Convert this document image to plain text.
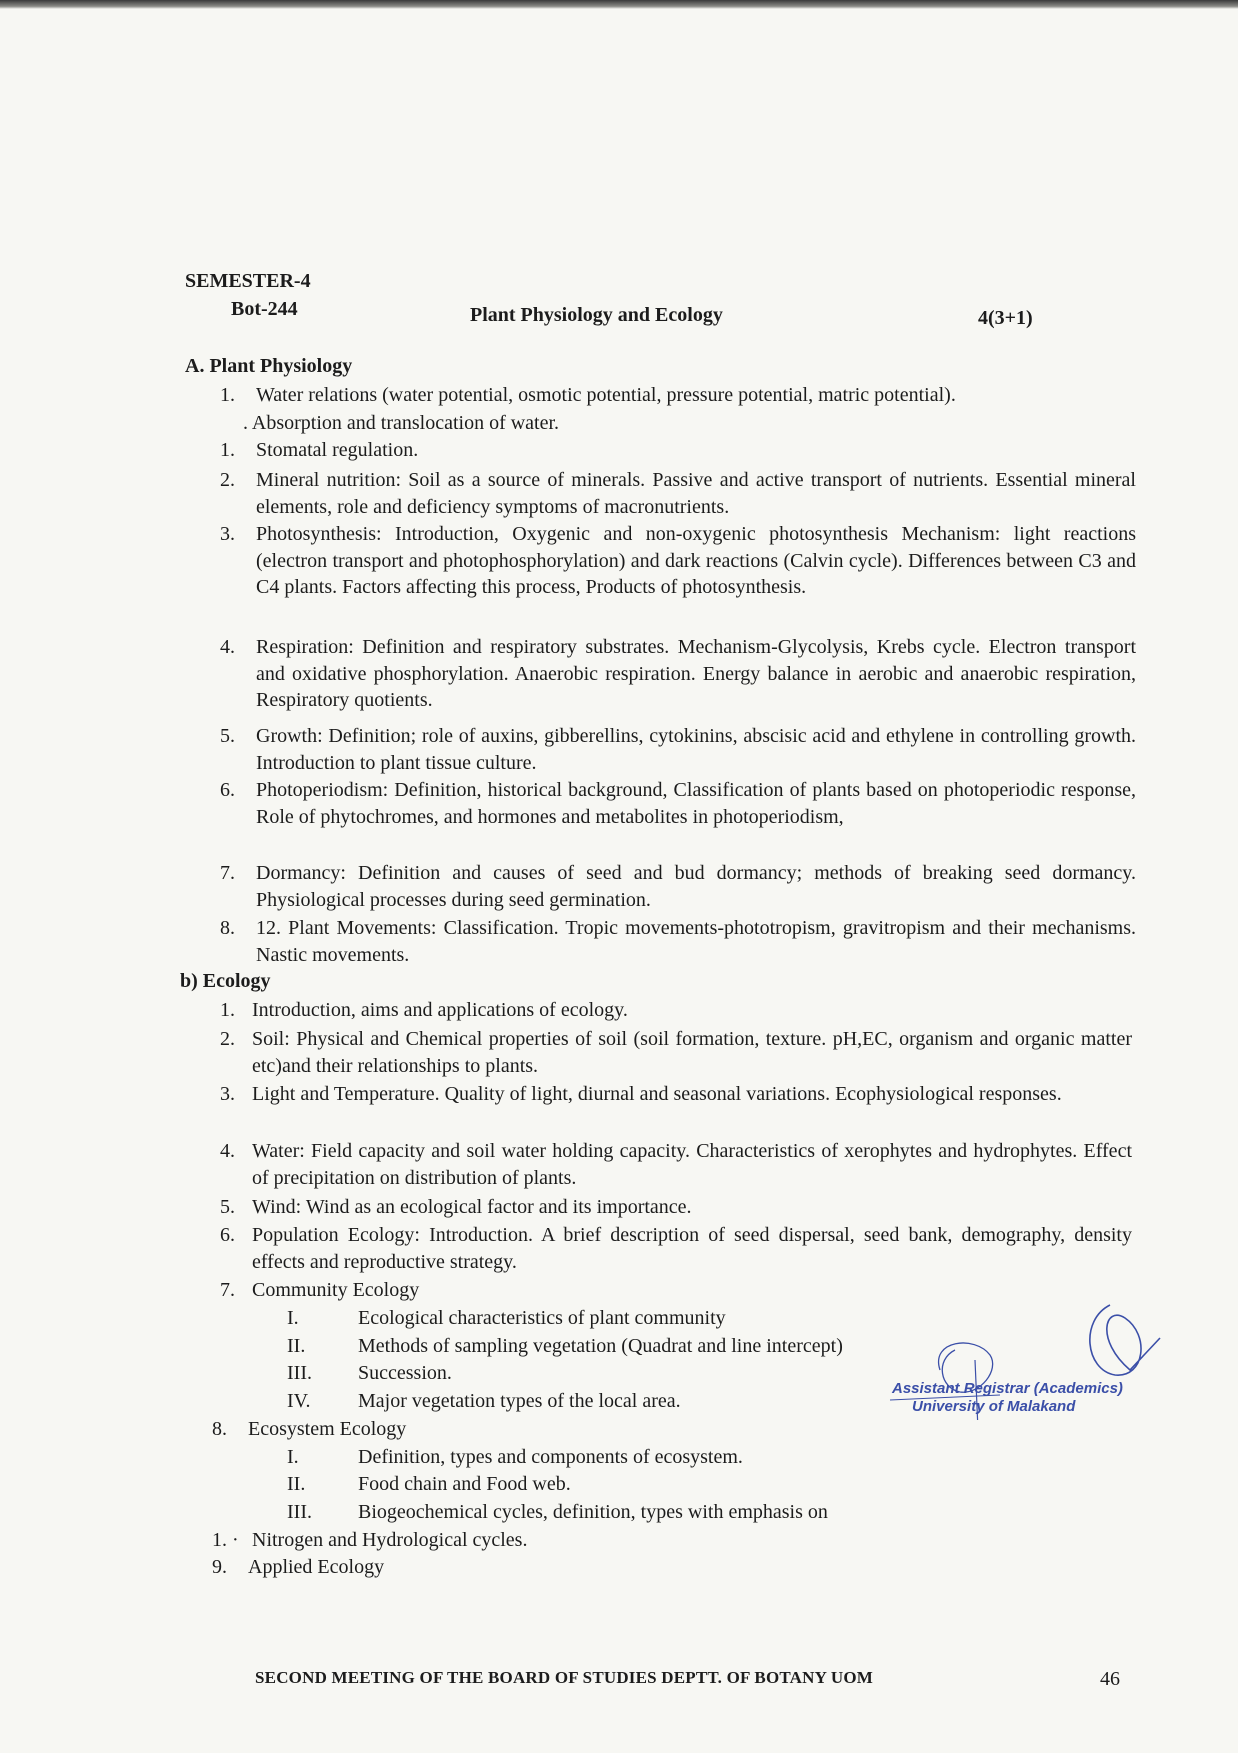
SEMESTER-4
Bot-244	Plant Physiology and Ecology	4(3+1)
A. Plant Physiology
1. Water relations (water potential, osmotic potential, pressure potential, matric potential).
. Absorption and translocation of water.
1. Stomatal regulation.
2. Mineral nutrition: Soil as a source of minerals. Passive and active transport of nutrients. Essential mineral elements, role and deficiency symptoms of macronutrients.
3. Photosynthesis: Introduction, Oxygenic and non-oxygenic photosynthesis Mechanism: light reactions (electron transport and photophosphorylation) and dark reactions (Calvin cycle). Differences between C3 and C4 plants. Factors affecting this process, Products of photosynthesis.
4. Respiration: Definition and respiratory substrates. Mechanism-Glycolysis, Krebs cycle. Electron transport and oxidative phosphorylation. Anaerobic respiration. Energy balance in aerobic and anaerobic respiration, Respiratory quotients.
5. Growth: Definition; role of auxins, gibberellins, cytokinins, abscisic acid and ethylene in controlling growth. Introduction to plant tissue culture.
6. Photoperiodism: Definition, historical background, Classification of plants based on photoperiodic response, Role of phytochromes, and hormones and metabolites in photoperiodism,
7. Dormancy: Definition and causes of seed and bud dormancy; methods of breaking seed dormancy. Physiological processes during seed germination.
8. 12. Plant Movements: Classification. Tropic movements-phototropism, gravitropism and their mechanisms. Nastic movements.
b) Ecology
1. Introduction, aims and applications of ecology.
2. Soil: Physical and Chemical properties of soil (soil formation, texture. pH,EC, organism and organic matter etc)and their relationships to plants.
3. Light and Temperature. Quality of light, diurnal and seasonal variations. Ecophysiological responses.
4. Water: Field capacity and soil water holding capacity. Characteristics of xerophytes and hydrophytes. Effect of precipitation on distribution of plants.
5. Wind: Wind as an ecological factor and its importance.
6. Population Ecology: Introduction. A brief description of seed dispersal, seed bank, demography, density effects and reproductive strategy.
7. Community Ecology
I.	Ecological characteristics of plant community
II.	Methods of sampling vegetation (Quadrat and line intercept)
III. Succession.
IV. Major vegetation types of the local area.
8. Ecosystem Ecology
I.	Definition, types and components of ecosystem.
II.	Food chain and Food web.
III. Biogeochemical cycles, definition, types with emphasis on
1. · Nitrogen and Hydrological cycles.
9. Applied Ecology
Assistant Registrar (Academics)
University of Malakand
SECOND MEETING OF THE BOARD OF STUDIES DEPTT. OF BOTANY UOM	46
